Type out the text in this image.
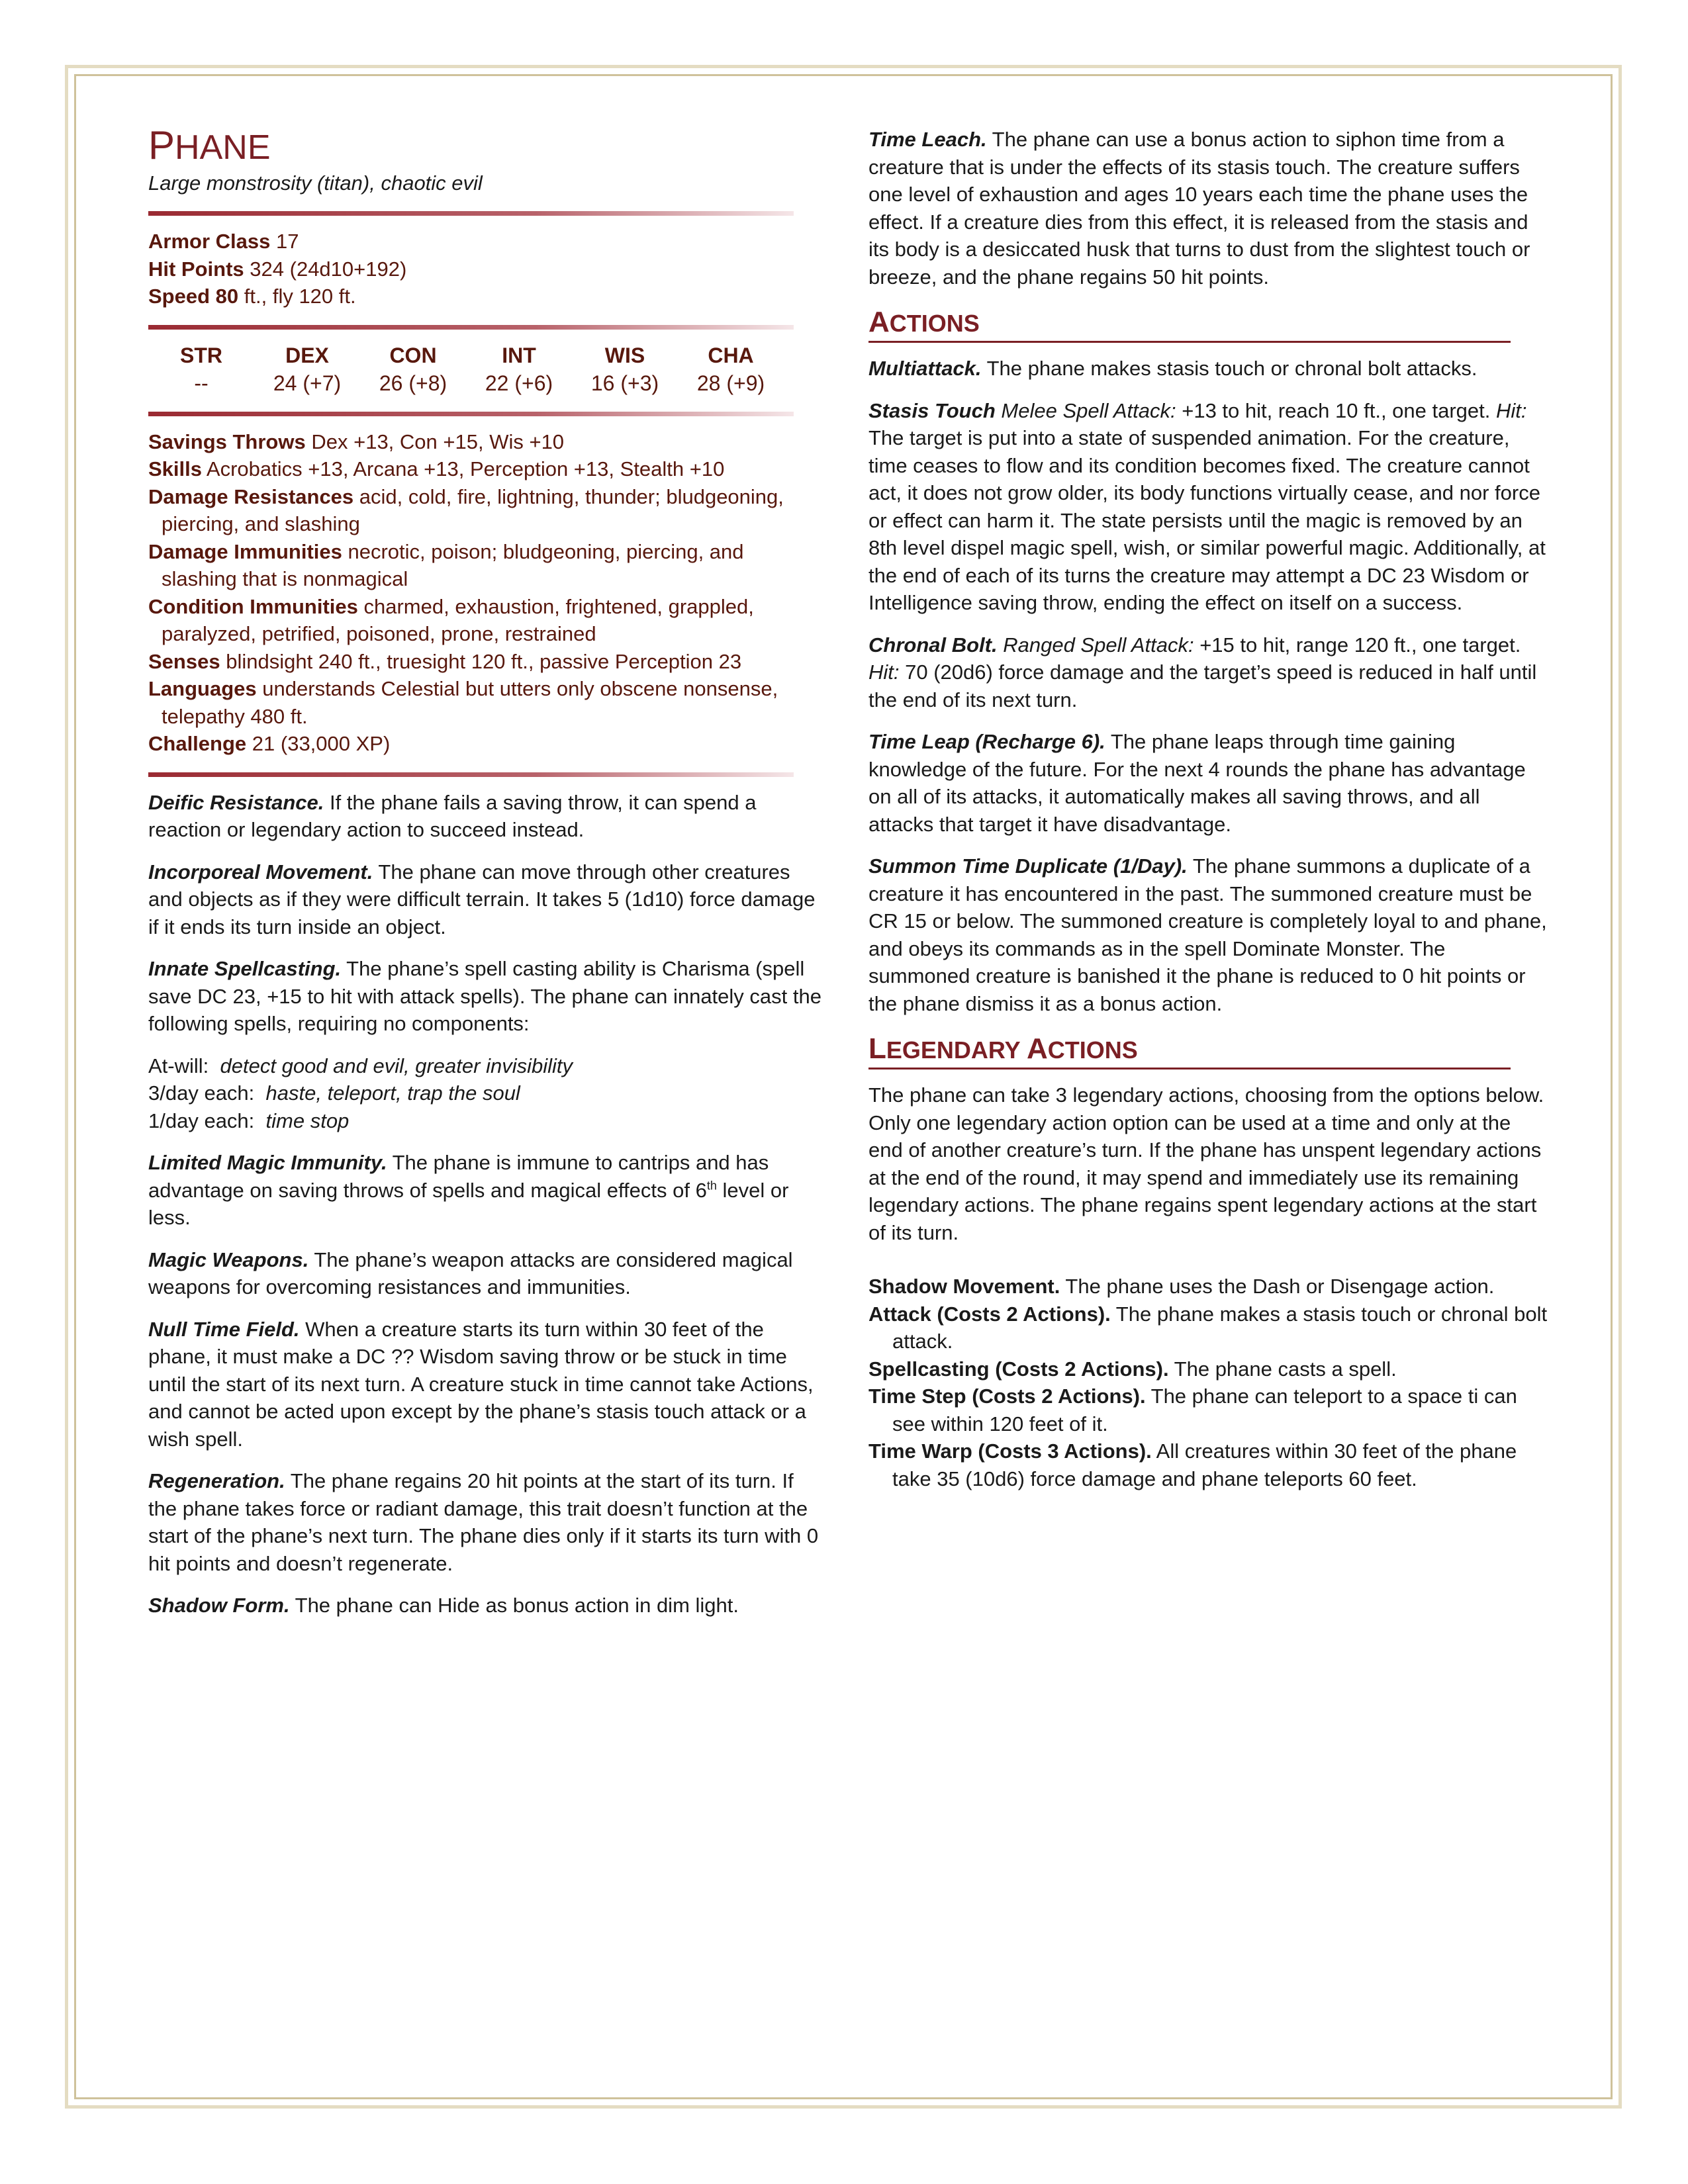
PHANE

Large monstrosity (titan), chaotic evil

Armor Class 17

Hit Points 324 (24d10+192)

Speed 80 ft., fly 120 ft.

STR	DEX	CON	INT	WIS	CHA
--	24 (+7)	26 (+8)	22 (+6)	16 (+3)	28 (+9)

Savings Throws Dex +13, Con +15, Wis +10

Skills Acrobatics +13, Arcana +13, Perception +13, Stealth +10

Damage Resistances acid, cold, fire, lightning, thunder; bludgeoning, piercing, and slashing

Damage Immunities necrotic, poison; bludgeoning, piercing, and slashing that is nonmagical

Condition Immunities charmed, exhaustion, frightened, grappled, paralyzed, petrified, poisoned, prone, restrained

Senses blindsight 240 ft., truesight 120 ft., passive Perception 23

Languages understands Celestial but utters only obscene nonsense, telepathy 480 ft.

Challenge 21 (33,000 XP)

Deific Resistance. If the phane fails a saving throw, it can spend a reaction or legendary action to succeed instead.

Incorporeal Movement. The phane can move through other creatures and objects as if they were difficult terrain. It takes 5 (1d10) force damage if it ends its turn inside an object.

Innate Spellcasting. The phane’s spell casting ability is Charisma (spell save DC 23, +15 to hit with attack spells). The phane can innately cast the following spells, requiring no components:

At-will: detect good and evil, greater invisibility

3/day each: haste, teleport, trap the soul

1/day each: time stop

Limited Magic Immunity. The phane is immune to cantrips and has advantage on saving throws of spells and magical effects of 6th level or less.

Magic Weapons. The phane’s weapon attacks are considered magical weapons for overcoming resistances and immunities.

Null Time Field. When a creature starts its turn within 30 feet of the phane, it must make a DC ?? Wisdom saving throw or be stuck in time until the start of its next turn. A creature stuck in time cannot take Actions, and cannot be acted upon except by the phane’s stasis touch attack or a wish spell.

Regeneration. The phane regains 20 hit points at the start of its turn. If the phane takes force or radiant damage, this trait doesn’t function at the start of the phane’s next turn. The phane dies only if it starts its turn with 0 hit points and doesn’t regenerate.

Shadow Form. The phane can Hide as bonus action in dim light.

Time Leach. The phane can use a bonus action to siphon time from a creature that is under the effects of its stasis touch. The creature suffers one level of exhaustion and ages 10 years each time the phane uses the effect. If a creature dies from this effect, it is released from the stasis and its body is a desiccated husk that turns to dust from the slightest touch or breeze, and the phane regains 50 hit points.

ACTIONS

Multiattack. The phane makes stasis touch or chronal bolt attacks.

Stasis Touch Melee Spell Attack: +13 to hit, reach 10 ft., one target. Hit: The target is put into a state of suspended animation. For the creature, time ceases to flow and its condition becomes fixed. The creature cannot act, it does not grow older, its body functions virtually cease, and nor force or effect can harm it. The state persists until the magic is removed by an 8th level dispel magic spell, wish, or similar powerful magic. Additionally, at the end of each of its turns the creature may attempt a DC 23 Wisdom or Intelligence saving throw, ending the effect on itself on a success.

Chronal Bolt. Ranged Spell Attack: +15 to hit, range 120 ft., one target. Hit: 70 (20d6) force damage and the target’s speed is reduced in half until the end of its next turn.

Time Leap (Recharge 6). The phane leaps through time gaining knowledge of the future. For the next 4 rounds the phane has advantage on all of its attacks, it automatically makes all saving throws, and all attacks that target it have disadvantage.

Summon Time Duplicate (1/Day). The phane summons a duplicate of a creature it has encountered in the past. The summoned creature must be CR 15 or below. The summoned creature is completely loyal to and phane, and obeys its commands as in the spell Dominate Monster. The summoned creature is banished it the phane is reduced to 0 hit points or the phane dismiss it as a bonus action.

LEGENDARY ACTIONS

The phane can take 3 legendary actions, choosing from the options below. Only one legendary action option can be used at a time and only at the end of another creature’s turn. If the phane has unspent legendary actions at the end of the round, it may spend and immediately use its remaining legendary actions. The phane regains spent legendary actions at the start of its turn.

Shadow Movement. The phane uses the Dash or Disengage action.

Attack (Costs 2 Actions). The phane makes a stasis touch or chronal bolt attack.

Spellcasting (Costs 2 Actions). The phane casts a spell.

Time Step (Costs 2 Actions). The phane can teleport to a space ti can see within 120 feet of it.

Time Warp (Costs 3 Actions). All creatures within 30 feet of the phane take 35 (10d6) force damage and phane teleports 60 feet.
